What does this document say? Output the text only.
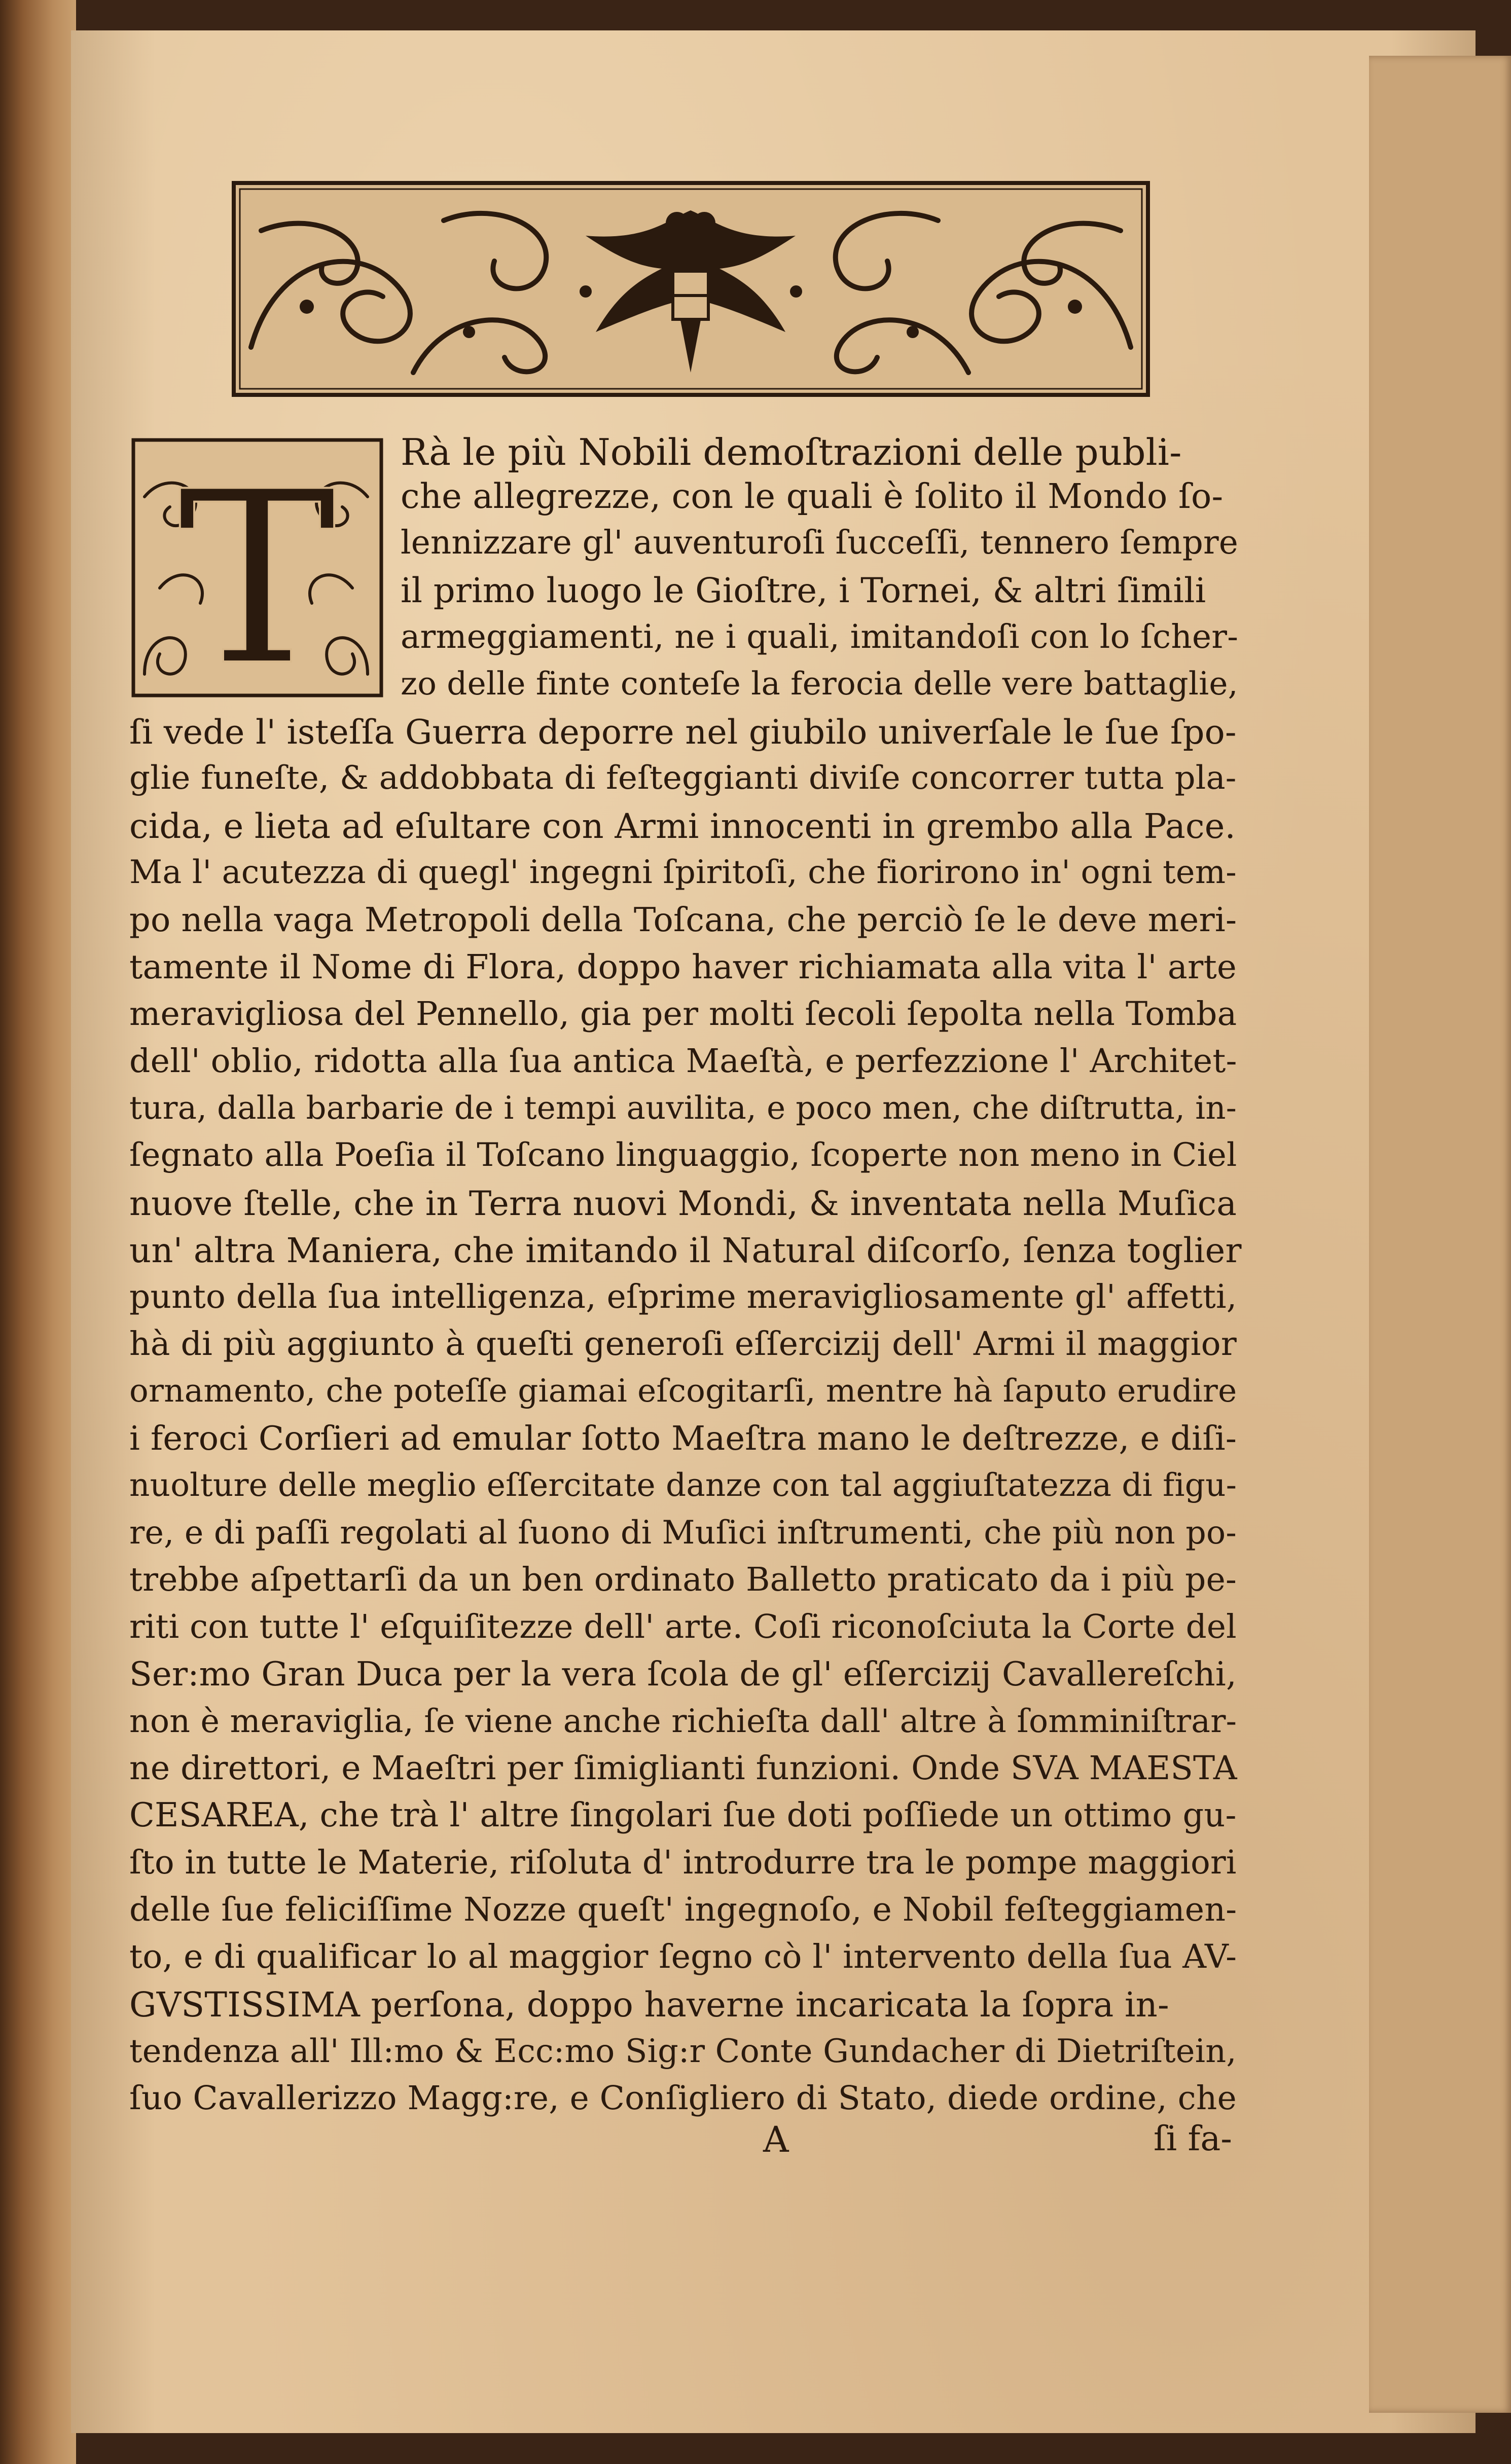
T Rà le più Nobili demoſtrazioni delle publi-

che allegrezze, con le quali è ſolito il Mondo ſo-

lennizzare gl' auventuroſi ſucceſſi, tennero ſempre

il primo luogo le Gioſtre, i Tornei, & altri ſimili

armeggiamenti, ne i quali, imitandoſi con lo ſcher-

zo delle finte conteſe la ferocia delle vere battaglie,

ſi vede l' isteſſa Guerra deporre nel giubilo univerſale le ſue ſpo-

glie funeſte, & addobbata di feſteggianti diviſe concorrer tutta pla-

cida, e lieta ad eſultare con Armi innocenti in grembo alla Pace.

Ma l' acutezza di quegl' ingegni ſpiritoſi, che fiorirono in' ogni tem-

po nella vaga Metropoli della Toſcana, che perciò ſe le deve meri-

tamente il Nome di Flora, doppo haver richiamata alla vita l' arte

meravigliosa del Pennello, gia per molti ſecoli ſepolta nella Tomba

dell' oblio, ridotta alla ſua antica Maeſtà, e perfezzione l' Architet-

tura, dalla barbarie de i tempi auvilita, e poco men, che diſtrutta, in-

ſegnato alla Poeſia il Toſcano linguaggio, ſcoperte non meno in Ciel

nuove ſtelle, che in Terra nuovi Mondi, & inventata nella Muſica

un' altra Maniera, che imitando il Natural diſcorſo, ſenza toglier

punto della ſua intelligenza, eſprime meravigliosamente gl' affetti,

hà di più aggiunto à queſti generoſi eſſercizij dell' Armi il maggior

ornamento, che poteſſe giamai eſcogitarſi, mentre hà ſaputo erudire

i feroci Corſieri ad emular ſotto Maeſtra mano le deſtrezze, e diſi-

nuolture delle meglio eſſercitate danze con tal aggiuſtatezza di figu-

re, e di paſſi regolati al ſuono di Muſici inſtrumenti, che più non po-

trebbe aſpettarſi da un ben ordinato Balletto praticato da i più pe-

riti con tutte l' eſquiſitezze dell' arte. Coſi riconoſciuta la Corte del

Ser:mo Gran Duca per la vera ſcola de gl' eſſercizij Cavallereſchi,

non è meraviglia, ſe viene anche richieſta dall' altre à ſomminiſtrar-

ne direttori, e Maeſtri per ſimiglianti funzioni. Onde SVA MAESTA

CESAREA, che trà l' altre ſingolari ſue doti poſſiede un ottimo gu-

ſto in tutte le Materie, riſoluta d' introdurre tra le pompe maggiori

delle ſue feliciſſime Nozze queſt' ingegnoſo, e Nobil feſteggiamen-

to, e di qualificar lo al maggior ſegno cò l' intervento della ſua AV-

GVSTISSIMA perſona, doppo haverne incaricata la ſopra in-

tendenza all' Ill:mo & Ecc:mo Sig:r Conte Gundacher di Dietriſtein,

ſuo Cavallerizzo Magg:re, e Conſigliero di Stato, diede ordine, che

A	ſi fa-
